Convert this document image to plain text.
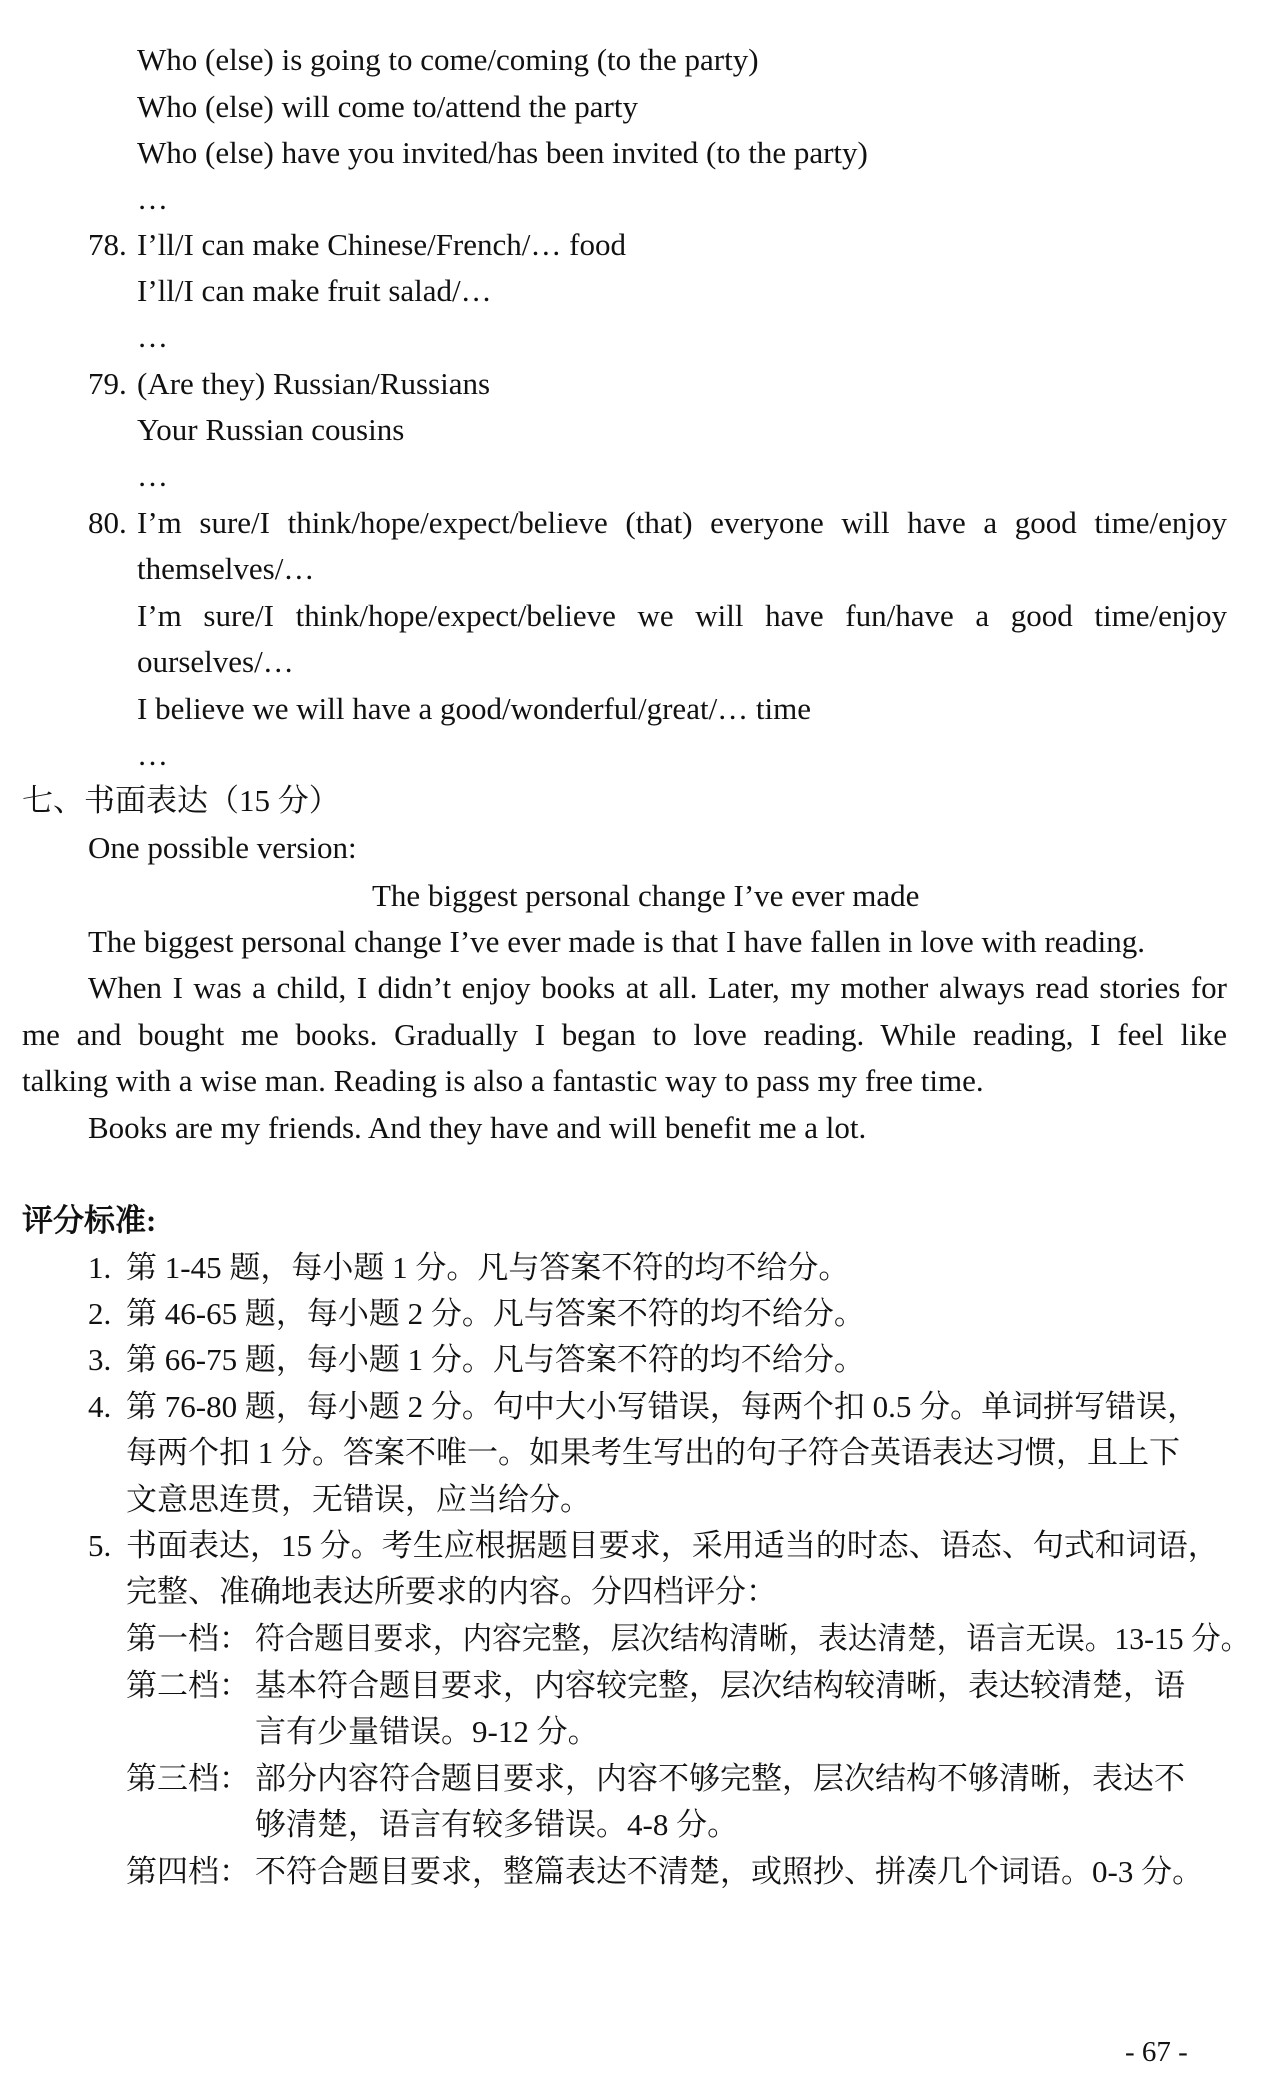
Who (else) is going to come/coming (to the party)
Who (else) will come to/attend the party
Who (else) have you invited/has been invited (to the party)
…
78. I’ll/I can make Chinese/French/… food
I’ll/I can make fruit salad/…
…
79. (Are they) Russian/Russians
Your Russian cousins
…
80. I’m sure/I think/hope/expect/believe (that) everyone will have a good time/enjoy
themselves/…
I’m sure/I think/hope/expect/believe we will have fun/have a good time/enjoy
ourselves/…
I believe we will have a good/wonderful/great/… time
…
七、书面表达（15 分）
One possible version:
The biggest personal change I’ve ever made
The biggest personal change I’ve ever made is that I have fallen in love with reading.
When I was a child, I didn’t enjoy books at all. Later, my mother always read stories for
me and bought me books. Gradually I began to love reading. While reading, I feel like
talking with a wise man. Reading is also a fantastic way to pass my free time.
Books are my friends. And they have and will benefit me a lot.
评分标准:
1. 第 1-45 题，每小题 1 分。凡与答案不符的均不给分。
2. 第 46-65 题，每小题 2 分。凡与答案不符的均不给分。
3. 第 66-75 题，每小题 1 分。凡与答案不符的均不给分。
4. 第 76-80 题，每小题 2 分。句中大小写错误，每两个扣 0.5 分。单词拼写错误，
每两个扣 1 分。答案不唯一。如果考生写出的句子符合英语表达习惯，且上下
文意思连贯，无错误，应当给分。
5. 书面表达，15 分。考生应根据题目要求，采用适当的时态、语态、句式和词语，
完整、准确地表达所要求的内容。分四档评分：
第一档： 符合题目要求，内容完整，层次结构清晰，表达清楚，语言无误。13-15 分。
第二档： 基本符合题目要求，内容较完整，层次结构较清晰，表达较清楚，语
言有少量错误。9-12 分。
第三档： 部分内容符合题目要求，内容不够完整，层次结构不够清晰，表达不
够清楚，语言有较多错误。4-8 分。
第四档： 不符合题目要求，整篇表达不清楚，或照抄、拼凑几个词语。0-3 分。
- 67 -
